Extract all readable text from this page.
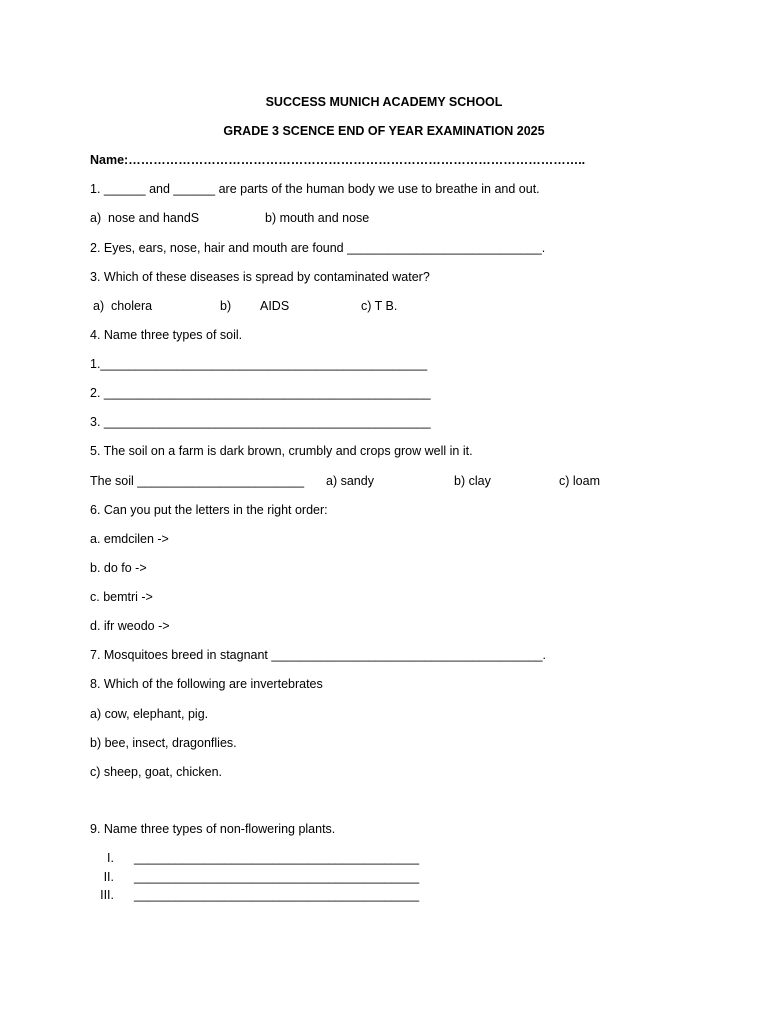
SUCCESS MUNICH ACADEMY SCHOOL
GRADE 3 SCENCE END OF YEAR EXAMINATION 2025
Name:………………………………………………………………………………………………..
1. ______ and ______ are parts of the human body we use to breathe in and out.
a)  nose and handS	b) mouth and nose
2. Eyes, ears, nose, hair and mouth are found ____________________________.
3. Which of these diseases is spread by contaminated water?
a)  cholera	b) AIDS	c) T B.
4. Name three types of soil.
1._______________________________________________
2. _______________________________________________
3. _______________________________________________
5. The soil on a farm is dark brown, crumbly and crops grow well in it.
The soil ________________________ a) sandy	b) clay	c) loam
6. Can you put the letters in the right order:
a. emdcilen ->
b. do fo ->
c. bemtri ->
d. ifr weodo ->
7. Mosquitoes breed in stagnant _______________________________________.
8. Which of the following are invertebrates
a) cow, elephant, pig.
b) bee, insect, dragonflies.
c) sheep, goat, chicken.
9. Name three types of non-flowering plants.
I. _________________________________________
II. _________________________________________
III. _________________________________________
